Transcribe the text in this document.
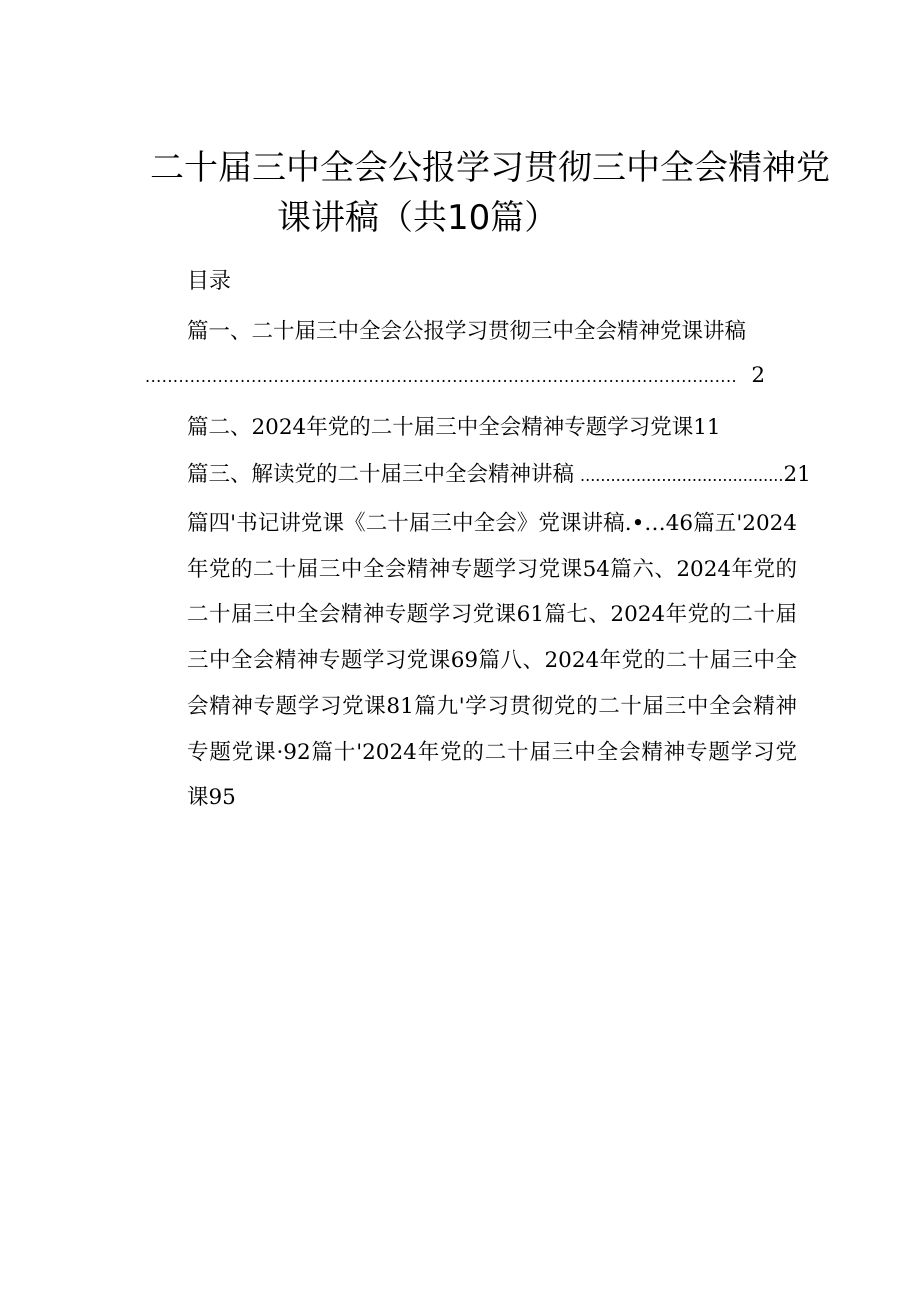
二十届三中全会公报学习贯彻三中全会精神党
课讲稿（共10篇）
目录
篇一、二十届三中全会公报学习贯彻三中全会精神党课讲稿
.......................................................................................................... 2
篇二、2024年党的二十届三中全会精神专题学习党课11
篇三、解读党的二十届三中全会精神讲稿 ........................................ 21
篇四'书记讲党课《二十届三中全会》党课讲稿.•…46篇五'2024年党的二十届三中全会精神专题学习党课54篇六、2024年党的二十届三中全会精神专题学习党课61篇七、2024年党的二十届三中全会精神专题学习党课69篇八、2024年党的二十届三中全会精神专题学习党课81篇九'学习贯彻党的二十届三中全会精神专题党课·92篇十'2024年党的二十届三中全会精神专题学习党课95
